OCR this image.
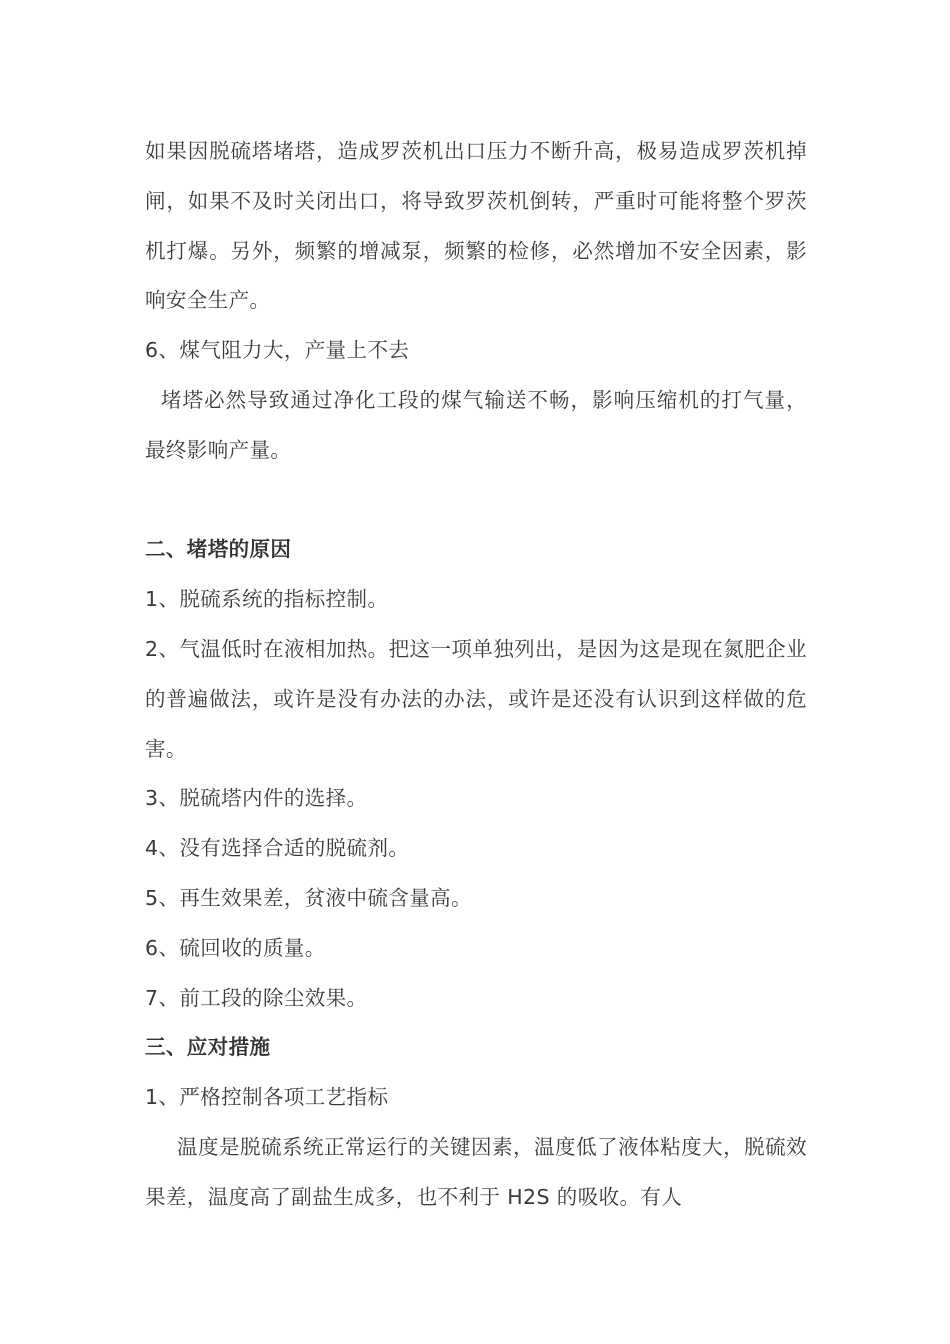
如果因脱硫塔堵塔，造成罗茨机出口压力不断升高，极易造成罗茨机掉闸，如果不及时关闭出口，将导致罗茨机倒转，严重时可能将整个罗茨机打爆。另外，频繁的增减泵，频繁的检修，必然增加不安全因素，影响安全生产。

6、煤气阻力大，产量上不去

堵塔必然导致通过净化工段的煤气输送不畅，影响压缩机的打气量，最终影响产量。

二、堵塔的原因

1、脱硫系统的指标控制。

2、气温低时在液相加热。把这一项单独列出，是因为这是现在氮肥企业的普遍做法，或许是没有办法的办法，或许是还没有认识到这样做的危害。

3、脱硫塔内件的选择。

4、没有选择合适的脱硫剂。

5、再生效果差，贫液中硫含量高。

6、硫回收的质量。

7、前工段的除尘效果。

三、应对措施

1、严格控制各项工艺指标

温度是脱硫系统正常运行的关键因素，温度低了液体粘度大，脱硫效果差，温度高了副盐生成多，也不利于 H2S 的吸收。有人
